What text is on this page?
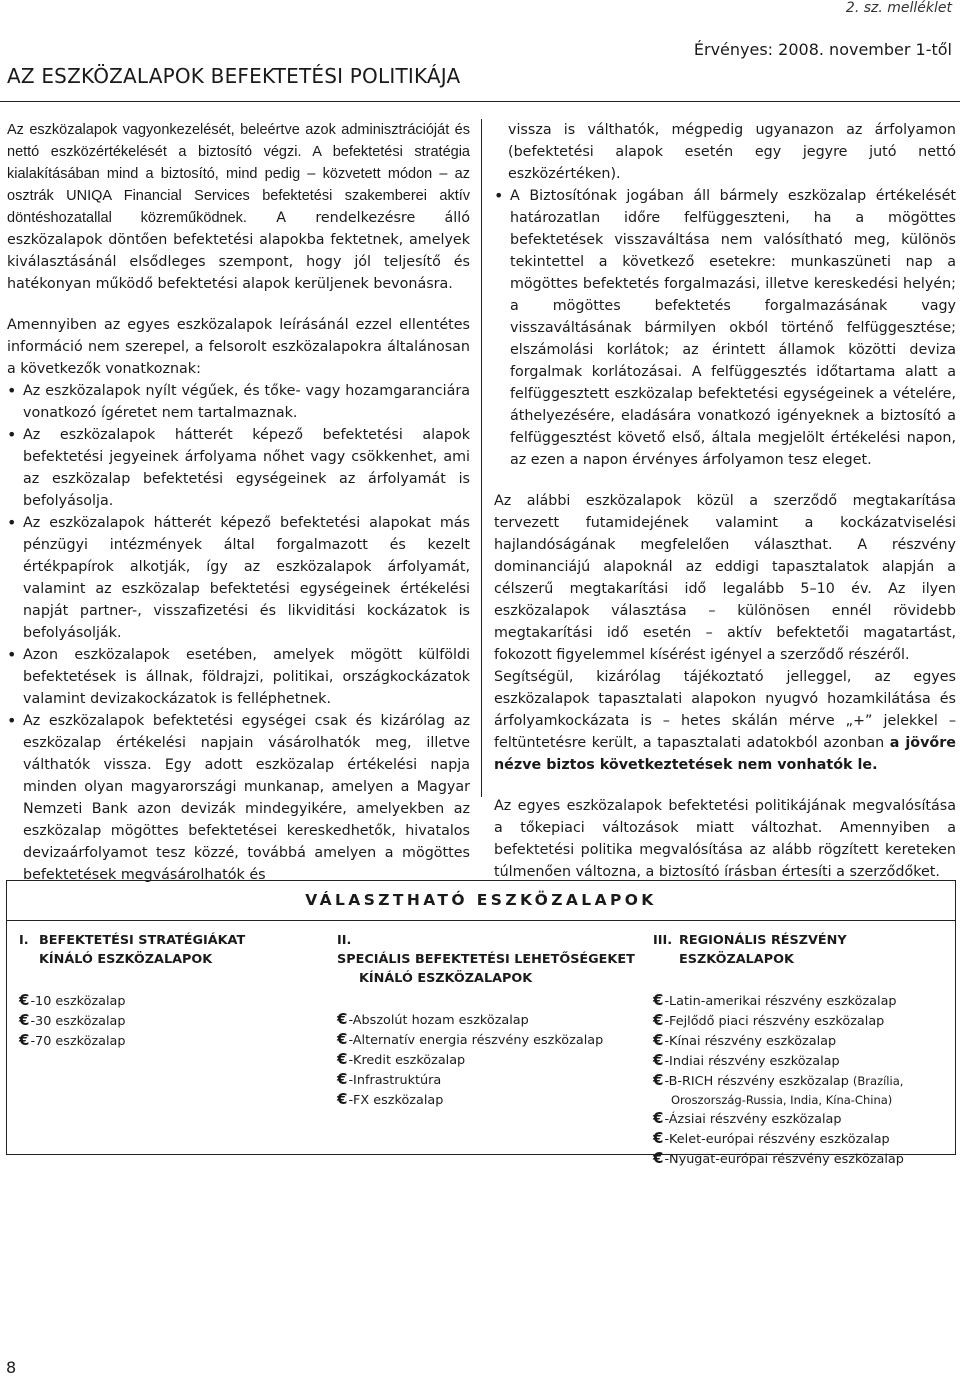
2. sz. melléklet
Érvényes: 2008. november 1-től
AZ ESZKÖZALAPOK BEFEKTETÉSI POLITIKÁJA

Az eszközalapok vagyonkezelését, beleértve azok adminisztrációját és nettó eszközértékelését a biztosító végzi. A befektetési stratégia kialakításában mind a biztosító, mind pedig – közvetett módon – az osztrák UNIQA Financial Services befektetési szakemberei aktív döntéshozatallal közreműködnek. A rendelkezésre álló eszközalapok döntően befektetési alapokba fektetnek, amelyek kiválasztásánál elsődleges szempont, hogy jól teljesítő és hatékonyan működő befektetési alapok kerüljenek bevonásra.

Amennyiben az egyes eszközalapok leírásánál ezzel ellentétes információ nem szerepel, a felsorolt eszközalapokra általánosan a következők vonatkoznak:

• Az eszközalapok nyílt végűek, és tőke- vagy hozamgaranciára vonatkozó ígéretet nem tartalmaznak.
• Az eszközalapok hátterét képező befektetési alapok befektetési jegyeinek árfolyama nőhet vagy csökkenhet, ami az eszközalap befektetési egységeinek az árfolyamát is befolyásolja.
• Az eszközalapok hátterét képező befektetési alapokat más pénzügyi intézmények által forgalmazott és kezelt értékpapírok alkotják, így az eszközalapok árfolyamát, valamint az eszközalap befektetési egységeinek értékelési napját partner-, visszafizetési és likviditási kockázatok is befolyásolják.
• Azon eszközalapok esetében, amelyek mögött külföldi befektetések is állnak, földrajzi, politikai, országkockázatok valamint devizakockázatok is felléphetnek.
• Az eszközalapok befektetési egységei csak és kizárólag az eszközalap értékelési napjain vásárolhatók meg, illetve válthatók vissza. Egy adott eszközalap értékelési napja minden olyan magyarországi munkanap, amelyen a Magyar Nemzeti Bank azon devizák mindegyikére, amelyekben az eszközalap mögöttes befektetései kereskedhetők, hivatalos devizaárfolyamot tesz közzé, továbbá amelyen a mögöttes befektetések megvásárolhatók és

vissza is válthatók, mégpedig ugyanazon az árfolyamon (befektetési alapok esetén egy jegyre jutó nettó eszközértéken).

• A Biztosítónak jogában áll bármely eszközalap értékelését határozatlan időre felfüggeszteni, ha a mögöttes befektetések visszaváltása nem valósítható meg, különös tekintettel a következő esetekre: munkaszüneti nap a mögöttes befektetés forgalmazási, illetve kereskedési helyén; a mögöttes befektetés forgalmazásának vagy visszaváltásának bármilyen okból történő felfüggesztése; elszámolási korlátok; az érintett államok közötti deviza forgalmak korlátozásai. A felfüggesztés időtartama alatt a felfüggesztett eszközalap befektetési egységeinek a vételére, áthelyezésére, eladására vonatkozó igényeknek a biztosító a felfüggesztést követő első, általa megjelölt értékelési napon, az ezen a napon érvényes árfolyamon tesz eleget.

Az alábbi eszközalapok közül a szerződő megtakarítása tervezett futamidejének valamint a kockázatviselési hajlandóságának megfelelően választhat. A részvény dominanciájú alapoknál az eddigi tapasztalatok alapján a célszerű megtakarítási idő legalább 5–10 év. Az ilyen eszközalapok választása – különösen ennél rövidebb megtakarítási idő esetén – aktív befektetői magatartást, fokozott figyelemmel kísérést igényel a szerződő részéről.

Segítségül, kizárólag tájékoztató jelleggel, az egyes eszközalapok tapasztalati alapokon nyugvó hozamkilátása és árfolyamkockázata is – hetes skálán mérve „+” jelekkel – feltüntetésre került, a tapasztalati adatokból azonban a jövőre nézve biztos következtetések nem vonhatók le.

Az egyes eszközalapok befektetési politikájának megvalósítása a tőkepiaci változások miatt változhat. Amennyiben a befektetési politika megvalósítása az alább rögzített kereteken túlmenően változna, a biztosító írásban értesíti a szerződőket.

VÁLASZTHATÓ ESZKÖZALAPOK
I. BEFEKTETÉSI STRATÉGIÁKAT
KÍNÁLÓ ESZKÖZALAPOK
€-10 eszközalap
€-30 eszközalap
€-70 eszközalap
II.SPECIÁLIS BEFEKTETÉSI LEHETŐSÉGEKET
KÍNÁLÓ ESZKÖZALAPOK
€-Abszolút hozam eszközalap
€-Alternatív energia részvény eszközalap
€-Kredit eszközalap
€-Infrastruktúra
€-FX eszközalap
III. REGIONÁLIS RÉSZVÉNY
ESZKÖZALAPOK
€-Latin-amerikai részvény eszközalap
€-Fejlődő piaci részvény eszközalap
€-Kínai részvény eszközalap
€-Indiai részvény eszközalap
€-B-RICH részvény eszközalap (Brazília,
Oroszország-Russia, India, Kína-China)
€-Ázsiai részvény eszközalap
€-Kelet-európai részvény eszközalap
€-Nyugat-európai részvény eszközalap
8
